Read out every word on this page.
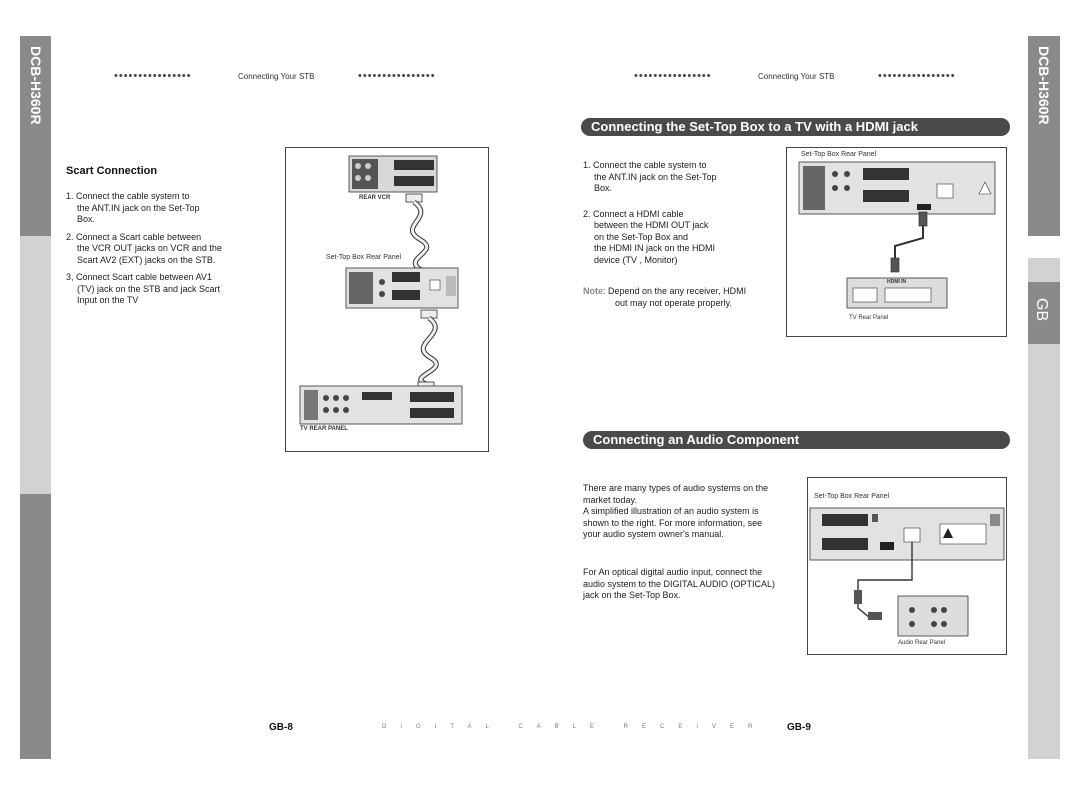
DCB-H360R	DCB-H360R
GB
••••••••••••••••	Connecting Your STB	••••••••••••••••	••••••••••••••••	Connecting Your STB	••••••••••••••••
Scart Connection
1. Connect the cable system to
the ANT.IN jack on the Set-Top
Box.
2. Connect a Scart cable between
the VCR OUT jacks on VCR and the
Scart AV2 (EXT) jacks on the STB.
3, Connect Scart cable between AV1
(TV) jack on the STB and jack Scart
Input on the TV
REAR VCR
Set-Top Box Rear Panel
TV REAR PANEL
Connecting the Set-Top Box to a TV with a HDMI jack
1. Connect the cable system to
the ANT.IN jack on the Set-Top
Box.
2. Connect a HDMI cable
between the HDMI OUT jack
on the Set-Top Box and
the HDMI IN jack on the HDMI
device (TV , Monitor)
Note: Depend on the any receiver, HDMI
out may not operate properly.
Set-Top Box Rear Panel
HDMI IN
TV Rear Panel
Connecting an Audio Component
There are many types of audio systems on the
market today.
A simplified illustration of an audio system is
shown to the right. For more information, see
your audio system owner's manual.
For An optical digital audio input, connect the
audio system to the DIGITAL AUDIO (OPTICAL)
jack on the Set-Top Box.
Set-Top Box Rear Panel
Audio Rear Panel
GB-8	DIGITAL CABLE RECEIVER GB-9
